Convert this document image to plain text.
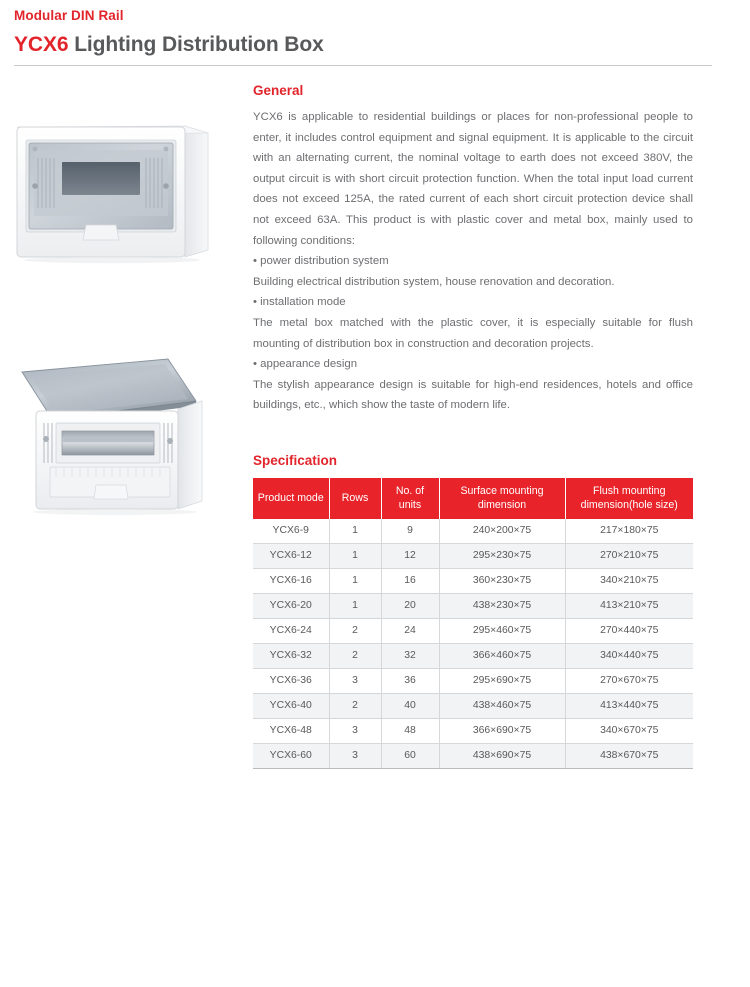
Modular DIN Rail
YCX6 Lighting Distribution Box
General

YCX6 is applicable to residential buildings or places for non-professional people to enter, it includes control equipment and signal equipment. It is applicable to the circuit with an alternating current, the nominal voltage to earth does not exceed 380V, the output circuit is with short circuit protection function. When the total input load current does not exceed 125A, the rated current of each short circuit protection device shall not exceed 63A. This product is with plastic cover and metal box, mainly used to following conditions:

• power distribution system

Building electrical distribution system, house renovation and decoration.

• installation mode

The metal box matched with the plastic cover, it is especially suitable for flush mounting of distribution box in construction and decoration projects.

• appearance design

The stylish appearance design is suitable for high-end residences, hotels and office buildings, etc., which show the taste of modern life.

Specification
Product mode	Rows	No. of units	Surface mounting dimension	Flush mounting dimension(hole size)
YCX6-9	1	9	240×200×75	217×180×75
YCX6-12	1	12	295×230×75	270×210×75
YCX6-16	1	16	360×230×75	340×210×75
YCX6-20	1	20	438×230×75	413×210×75
YCX6-24	2	24	295×460×75	270×440×75
YCX6-32	2	32	366×460×75	340×440×75
YCX6-36	3	36	295×690×75	270×670×75
YCX6-40	2	40	438×460×75	413×440×75
YCX6-48	3	48	366×690×75	340×670×75
YCX6-60	3	60	438×690×75	438×670×75
